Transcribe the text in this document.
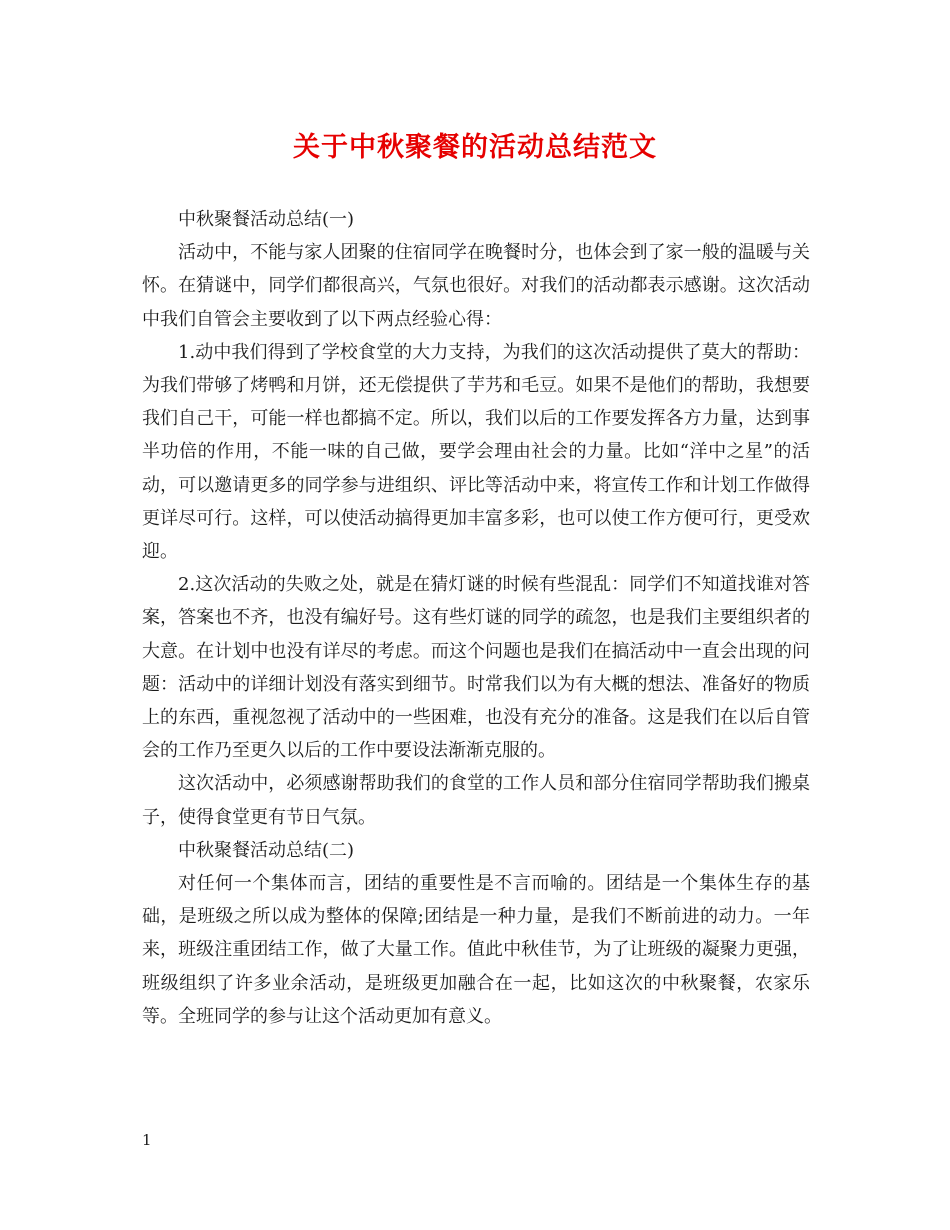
关于中秋聚餐的活动总结范文

中秋聚餐活动总结(一)

活动中，不能与家人团聚的住宿同学在晚餐时分，也体会到了家一般的温暖与关怀。在猜谜中，同学们都很高兴，气氛也很好。对我们的活动都表示感谢。这次活动中我们自管会主要收到了以下两点经验心得：

1.动中我们得到了学校食堂的大力支持，为我们的这次活动提供了莫大的帮助：为我们带够了烤鸭和月饼，还无偿提供了芋艿和毛豆。如果不是他们的帮助，我想要我们自己干，可能一样也都搞不定。所以，我们以后的工作要发挥各方力量，达到事半功倍的作用，不能一味的自己做，要学会理由社会的力量。比如“洋中之星”的活动，可以邀请更多的同学参与进组织、评比等活动中来，将宣传工作和计划工作做得更详尽可行。这样，可以使活动搞得更加丰富多彩，也可以使工作方便可行，更受欢迎。

2.这次活动的失败之处，就是在猜灯谜的时候有些混乱：同学们不知道找谁对答案，答案也不齐，也没有编好号。这有些灯谜的同学的疏忽，也是我们主要组织者的大意。在计划中也没有详尽的考虑。而这个问题也是我们在搞活动中一直会出现的问题：活动中的详细计划没有落实到细节。时常我们以为有大概的想法、准备好的物质上的东西，重视忽视了活动中的一些困难，也没有充分的准备。这是我们在以后自管会的工作乃至更久以后的工作中要设法渐渐克服的。

这次活动中，必须感谢帮助我们的食堂的工作人员和部分住宿同学帮助我们搬桌子，使得食堂更有节日气氛。

中秋聚餐活动总结(二)

对任何一个集体而言，团结的重要性是不言而喻的。团结是一个集体生存的基础，是班级之所以成为整体的保障;团结是一种力量，是我们不断前进的动力。一年来，班级注重团结工作，做了大量工作。值此中秋佳节，为了让班级的凝聚力更强，班级组织了许多业余活动，是班级更加融合在一起，比如这次的中秋聚餐，农家乐等。全班同学的参与让这个活动更加有意义。

1
